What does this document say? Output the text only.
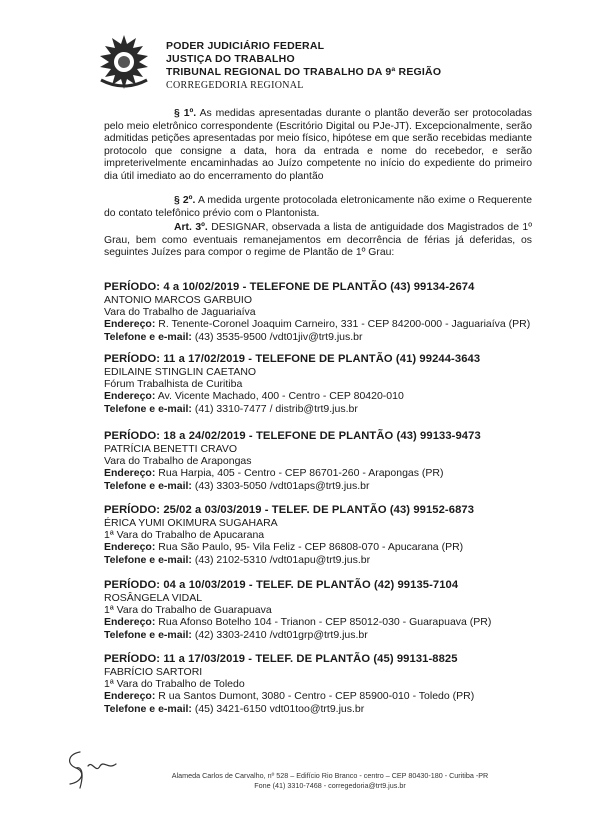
PODER JUDICIÁRIO FEDERAL
JUSTIÇA DO TRABALHO
TRIBUNAL REGIONAL DO TRABALHO DA 9ª REGIÃO
CORREGEDORIA REGIONAL
§ 1º. As medidas apresentadas durante o plantão deverão ser protocoladas pelo meio eletrônico correspondente (Escritório Digital ou PJe-JT). Excepcionalmente, serão admitidas petições apresentadas por meio físico, hipótese em que serão recebidas mediante protocolo que consigne a data, hora da entrada e nome do recebedor, e serão impreterivelmente encaminhadas ao Juízo competente no início do expediente do primeiro dia útil imediato ao do encerramento do plantão
§ 2º. A medida urgente protocolada eletronicamente não exime o Requerente do contato telefônico prévio com o Plantonista.
Art. 3º. DESIGNAR, observada a lista de antiguidade dos Magistrados de 1º Grau, bem como eventuais remanejamentos em decorrência de férias já deferidas, os seguintes Juízes para compor o regime de Plantão de 1º Grau:
PERÍODO: 4 a 10/02/2019 - TELEFONE DE PLANTÃO (43) 99134-2674
ANTONIO MARCOS GARBUIO
Vara do Trabalho de Jaguariaíva
Endereço: R. Tenente-Coronel Joaquim Carneiro, 331 - CEP 84200-000 - Jaguariaíva (PR)
Telefone e e-mail: (43) 3535-9500 /vdt01jiv@trt9.jus.br
PERÍODO: 11 a 17/02/2019 - TELEFONE DE PLANTÃO (41) 99244-3643
EDILAINE STINGLIN CAETANO
Fórum Trabalhista de Curitiba
Endereço: Av. Vicente Machado, 400 - Centro - CEP 80420-010
Telefone e e-mail: (41) 3310-7477 / distrib@trt9.jus.br
PERÍODO: 18 a 24/02/2019 - TELEFONE DE PLANTÃO (43) 99133-9473
PATRÍCIA BENETTI CRAVO
Vara do Trabalho de Arapongas
Endereço: Rua Harpia, 405 - Centro - CEP 86701-260 - Arapongas (PR)
Telefone e e-mail: (43) 3303-5050 /vdt01aps@trt9.jus.br
PERÍODO: 25/02 a 03/03/2019 - TELEF. DE PLANTÃO (43) 99152-6873
ÉRICA YUMI OKIMURA SUGAHARA
1ª Vara do Trabalho de Apucarana
Endereço: Rua São Paulo, 95- Vila Feliz - CEP 86808-070 - Apucarana (PR)
Telefone e e-mail: (43) 2102-5310 /vdt01apu@trt9.jus.br
PERÍODO: 04 a 10/03/2019 - TELEF. DE PLANTÃO (42) 99135-7104
ROSÂNGELA VIDAL
1ª Vara do Trabalho de Guarapuava
Endereço: Rua Afonso Botelho 104 - Trianon - CEP 85012-030 - Guarapuava (PR)
Telefone e e-mail: (42) 3303-2410 /vdt01grp@trt9.jus.br
PERÍODO: 11 a 17/03/2019 - TELEF. DE PLANTÃO (45) 99131-8825
FABRÍCIO SARTORI
1ª Vara do Trabalho de Toledo
Endereço: R ua Santos Dumont, 3080 - Centro - CEP 85900-010 - Toledo (PR)
Telefone e e-mail: (45) 3421-6150 vdt01too@trt9.jus.br
Alameda Carlos de Carvalho, nº 528 – Edifício Rio Branco - centro – CEP 80430-180 - Curitiba -PR
Fone (41) 3310-7468 - corregedoria@trt9.jus.br
